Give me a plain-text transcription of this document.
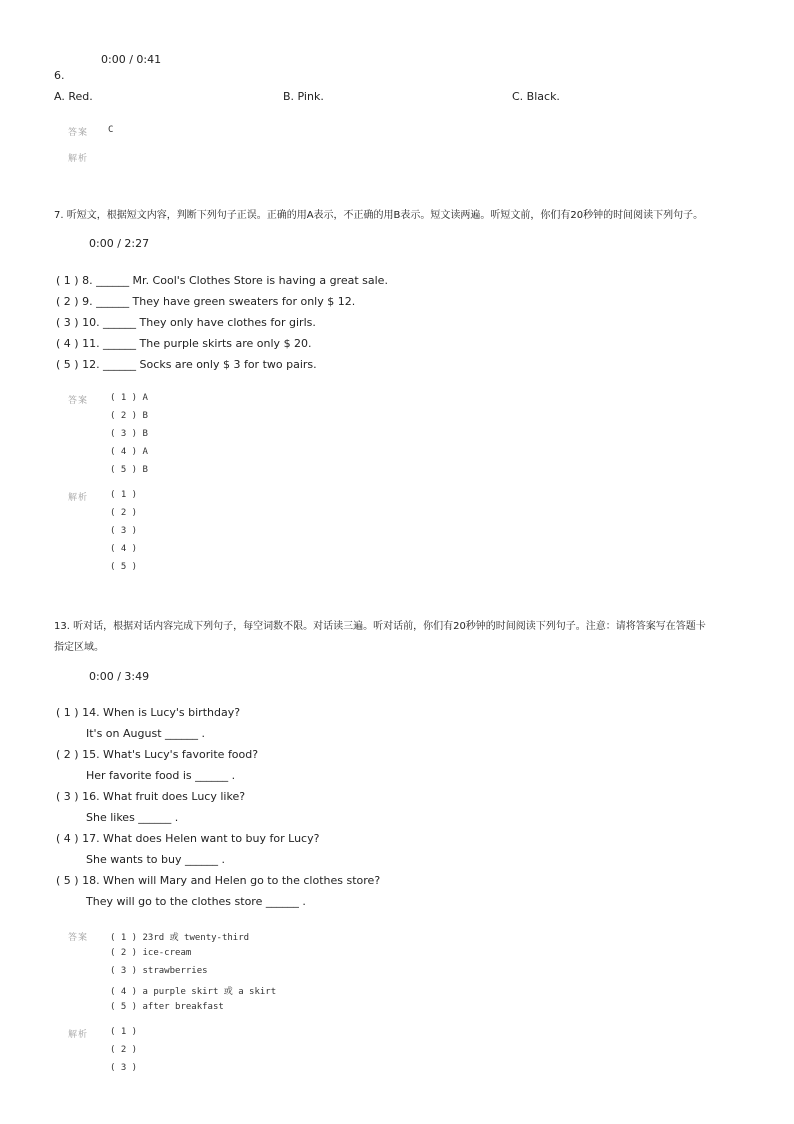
0:00 / 0:41
6.
A. Red.	B. Pink.	C. Black.
答案 C
解析
7. 听短文，根据短文内容，判断下列句子正误。正确的用A表示，不正确的用B表示。短文读两遍。听短文前，你们有20秒钟的时间阅读下列句子。
0:00 / 2:27
( 1 ) 8. ______ Mr. Cool's Clothes Store is having a great sale.
( 2 ) 9. ______ They have green sweaters for only $ 12.
( 3 ) 10. ______ They only have clothes for girls.
( 4 ) 11. ______ The purple skirts are only $ 20.
( 5 ) 12. ______ Socks are only $ 3 for two pairs.
答案 ( 1 ) A
( 2 ) B
( 3 ) B
( 4 ) A
( 5 ) B
解析 ( 1 )
( 2 )
( 3 )
( 4 )
( 5 )
13. 听对话，根据对话内容完成下列句子，每空词数不限。对话读三遍。听对话前，你们有20秒钟的时间阅读下列句子。注意：请将答案写在答题卡
指定区域。
0:00 / 3:49
( 1 ) 14. When is Lucy's birthday?
It's on August ______ .
( 2 ) 15. What's Lucy's favorite food?
Her favorite food is ______ .
( 3 ) 16. What fruit does Lucy like?
She likes ______ .
( 4 ) 17. What does Helen want to buy for Lucy?
She wants to buy ______ .
( 5 ) 18. When will Mary and Helen go to the clothes store?
They will go to the clothes store ______ .
答案 ( 1 ) 23rd 或 twenty-third
( 2 ) ice-cream
( 3 ) strawberries
( 4 ) a purple skirt 或 a skirt
( 5 ) after breakfast
解析 ( 1 )
( 2 )
( 3 )
